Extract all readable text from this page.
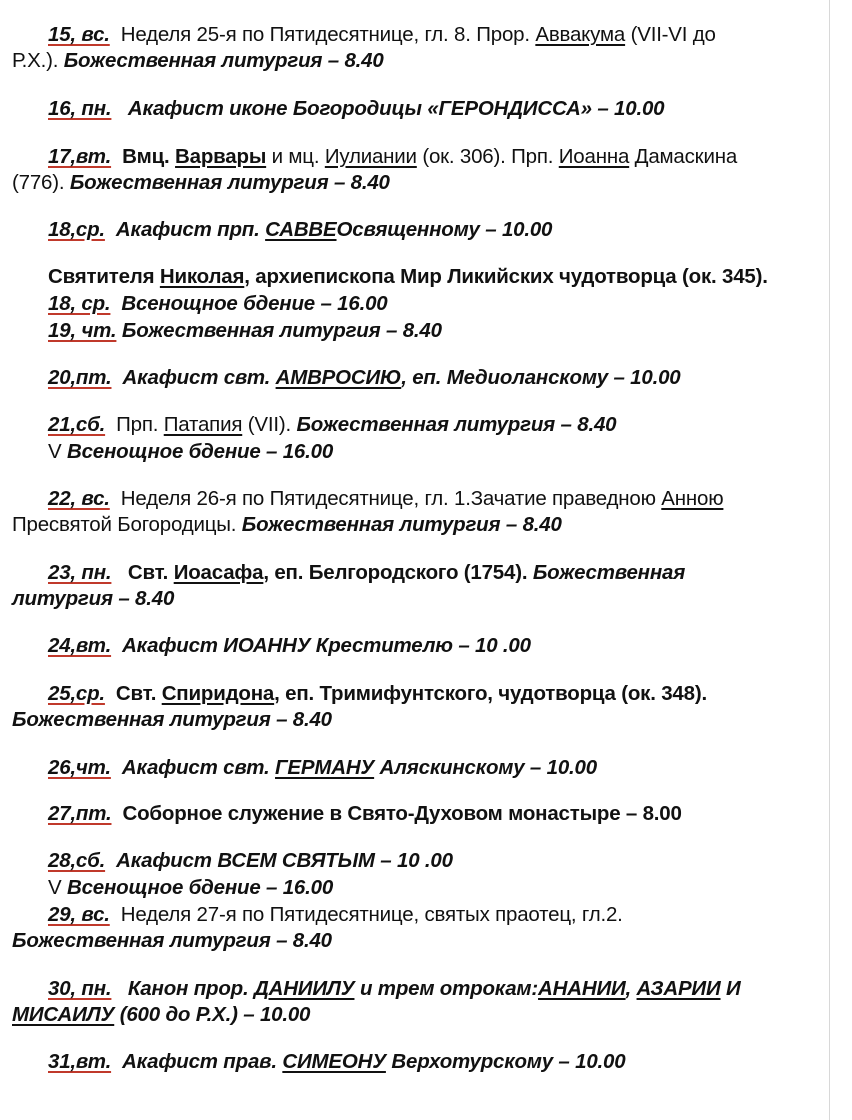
15, вс. Неделя 25-я по Пятидесятнице, гл. 8. Прор. Аввакума (VII-VI до
Р.Х.). Божественная литургия – 8.40
16, пн. Акафист иконе Богородицы «ГЕРОНДИССА» – 10.00
17,вт. Вмц. Варвары и мц. Иулиании (ок. 306). Прп. Иоанна Дамаскина
(776). Божественная литургия – 8.40
18,ср. Акафист прп. САВВЕОсвященному – 10.00
Святителя Николая, архиепископа Мир Ликийских чудотворца (ок. 345).
18, ср. Всенощное бдение – 16.00
19, чт. Божественная литургия – 8.40
20,пт. Акафист свт. АМВРОСИЮ, еп. Медиоланскому – 10.00
21,сб. Прп. Патапия (VII). Божественная литургия – 8.40
V Всенощное бдение – 16.00
22, вс. Неделя 26-я по Пятидесятнице, гл. 1.Зачатие праведною Анною
Пресвятой Богородицы. Божественная литургия – 8.40
23, пн. Свт. Иоасафа, еп. Белгородского (1754). Божественная
литургия – 8.40
24,вт. Акафист ИОАННУ Крестителю – 10 .00
25,ср. Свт. Спиридона, еп. Тримифунтского, чудотворца (ок. 348).
Божественная литургия – 8.40
26,чт. Акафист свт. ГЕРМАНУ Аляскинскому – 10.00
27,пт. Соборное служение в Свято-Духовом монастыре – 8.00
28,сб. Акафист ВСЕМ СВЯТЫМ – 10 .00
V Всенощное бдение – 16.00
29, вс. Неделя 27-я по Пятидесятнице, святых праотец, гл.2.
Божественная литургия – 8.40
30, пн. Канон прор. ДАНИИЛУ и трем отрокам:АНАНИИ, АЗАРИИ И
МИСАИЛУ (600 до Р.Х.) – 10.00
31,вт. Акафист прав. СИМЕОНУ Верхотурскому – 10.00
